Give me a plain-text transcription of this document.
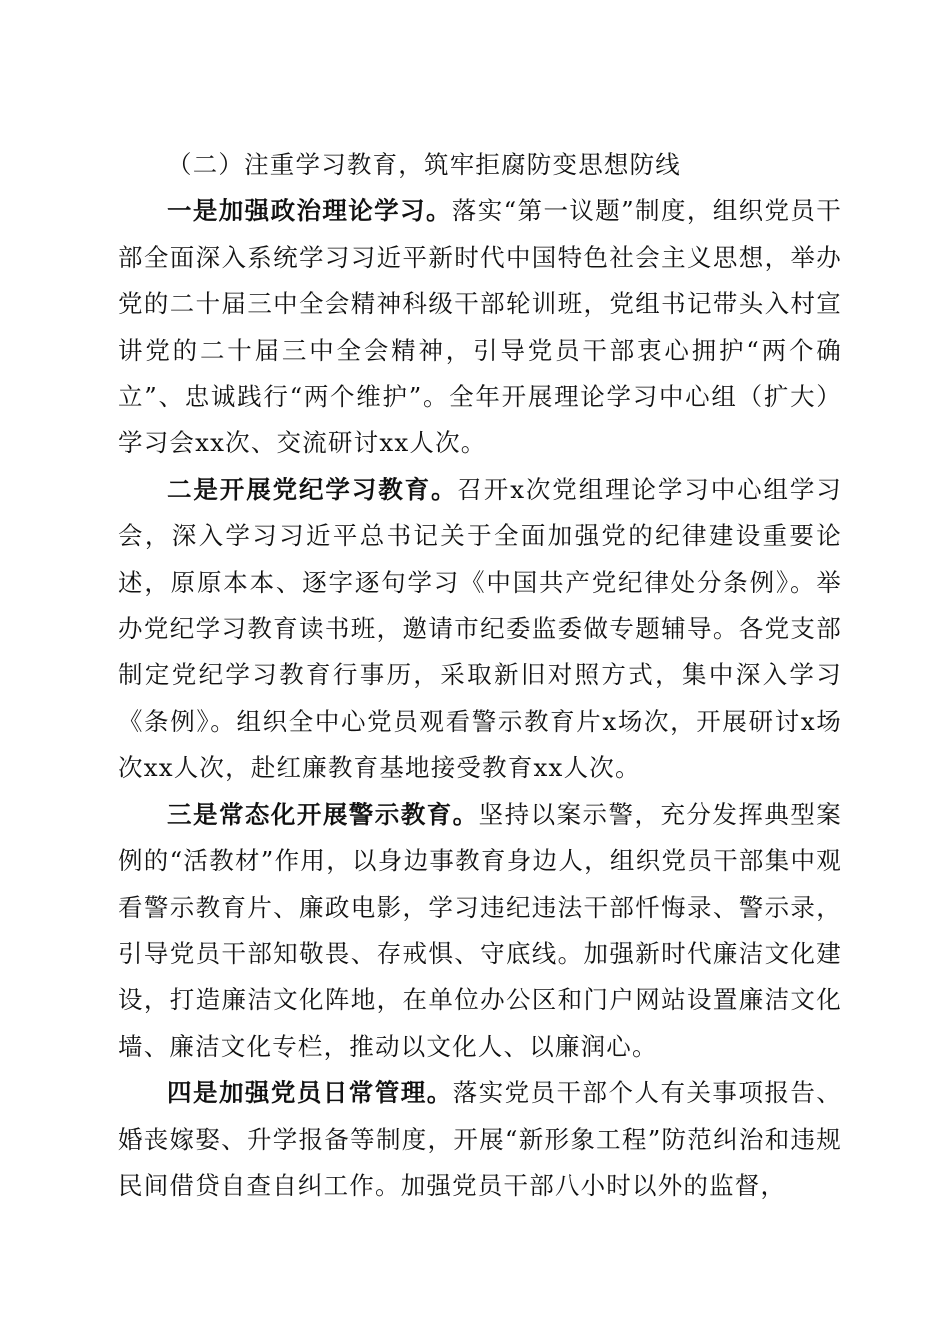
（二）注重学习教育，筑牢拒腐防变思想防线

一是加强政治理论学习。落实“第一议题”制度，组织党员干部全面深入系统学习习近平新时代中国特色社会主义思想，举办党的二十届三中全会精神科级干部轮训班，党组书记带头入村宣讲党的二十届三中全会精神，引导党员干部衷心拥护“两个确立”、忠诚践行“两个维护”。全年开展理论学习中心组（扩大）学习会xx次、交流研讨xx人次。

二是开展党纪学习教育。召开x次党组理论学习中心组学习会，深入学习习近平总书记关于全面加强党的纪律建设重要论述，原原本本、逐字逐句学习《中国共产党纪律处分条例》。举办党纪学习教育读书班，邀请市纪委监委做专题辅导。各党支部制定党纪学习教育行事历，采取新旧对照方式，集中深入学习《条例》。组织全中心党员观看警示教育片x场次，开展研讨x场次xx人次，赴红廉教育基地接受教育xx人次。

三是常态化开展警示教育。坚持以案示警，充分发挥典型案例的“活教材”作用，以身边事教育身边人，组织党员干部集中观看警示教育片、廉政电影，学习违纪违法干部忏悔录、警示录，引导党员干部知敬畏、存戒惧、守底线。加强新时代廉洁文化建设，打造廉洁文化阵地，在单位办公区和门户网站设置廉洁文化墙、廉洁文化专栏，推动以文化人、以廉润心。

四是加强党员日常管理。落实党员干部个人有关事项报告、婚丧嫁娶、升学报备等制度，开展“新形象工程”防范纠治和违规民间借贷自查自纠工作。加强党员干部八小时以外的监督，
